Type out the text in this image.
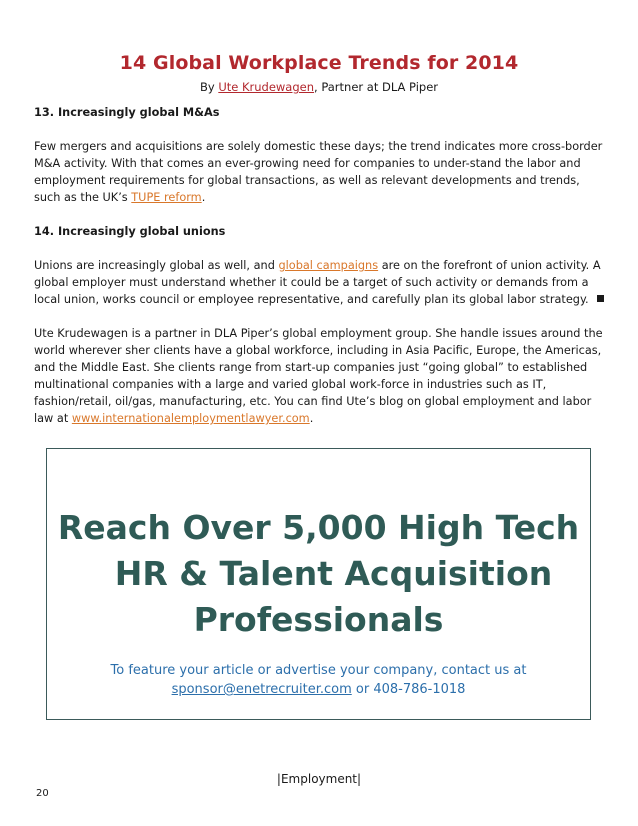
14 Global Workplace Trends for 2014
By Ute Krudewagen, Partner at DLA Piper
13. Increasingly global M&As

Few mergers and acquisitions are solely domestic these days; the trend indicates more cross-border M&A activity. With that comes an ever-growing need for companies to under-stand the labor and employment requirements for global transactions, as well as relevant developments and trends, such as the UK’s TUPE reform.

14. Increasingly global unions

Unions are increasingly global as well, and global campaigns are on the forefront of union activity. A global employer must understand whether it could be a target of such activity or demands from a local union, works council or employee representative, and carefully plan its global labor strategy.

Ute Krudewagen is a partner in DLA Piper’s global employment group. She handle issues around the world wherever sher clients have a global workforce, including in Asia Pacific, Europe, the Americas, and the Middle East. She clients range from start-up companies just “going global” to established multinational companies with a large and varied global work-force in industries such as IT, fashion/retail, oil/gas, manufacturing, etc. You can find Ute’s blog on global employment and labor law at www.internationalemploymentlawyer.com.

Reach Over 5,000 High Tech
HR & Talent Acquisition
Professionals
To feature your article or advertise your company, contact us at
sponsor@enetrecruiter.com or 408-786-1018
|Employment|
20
